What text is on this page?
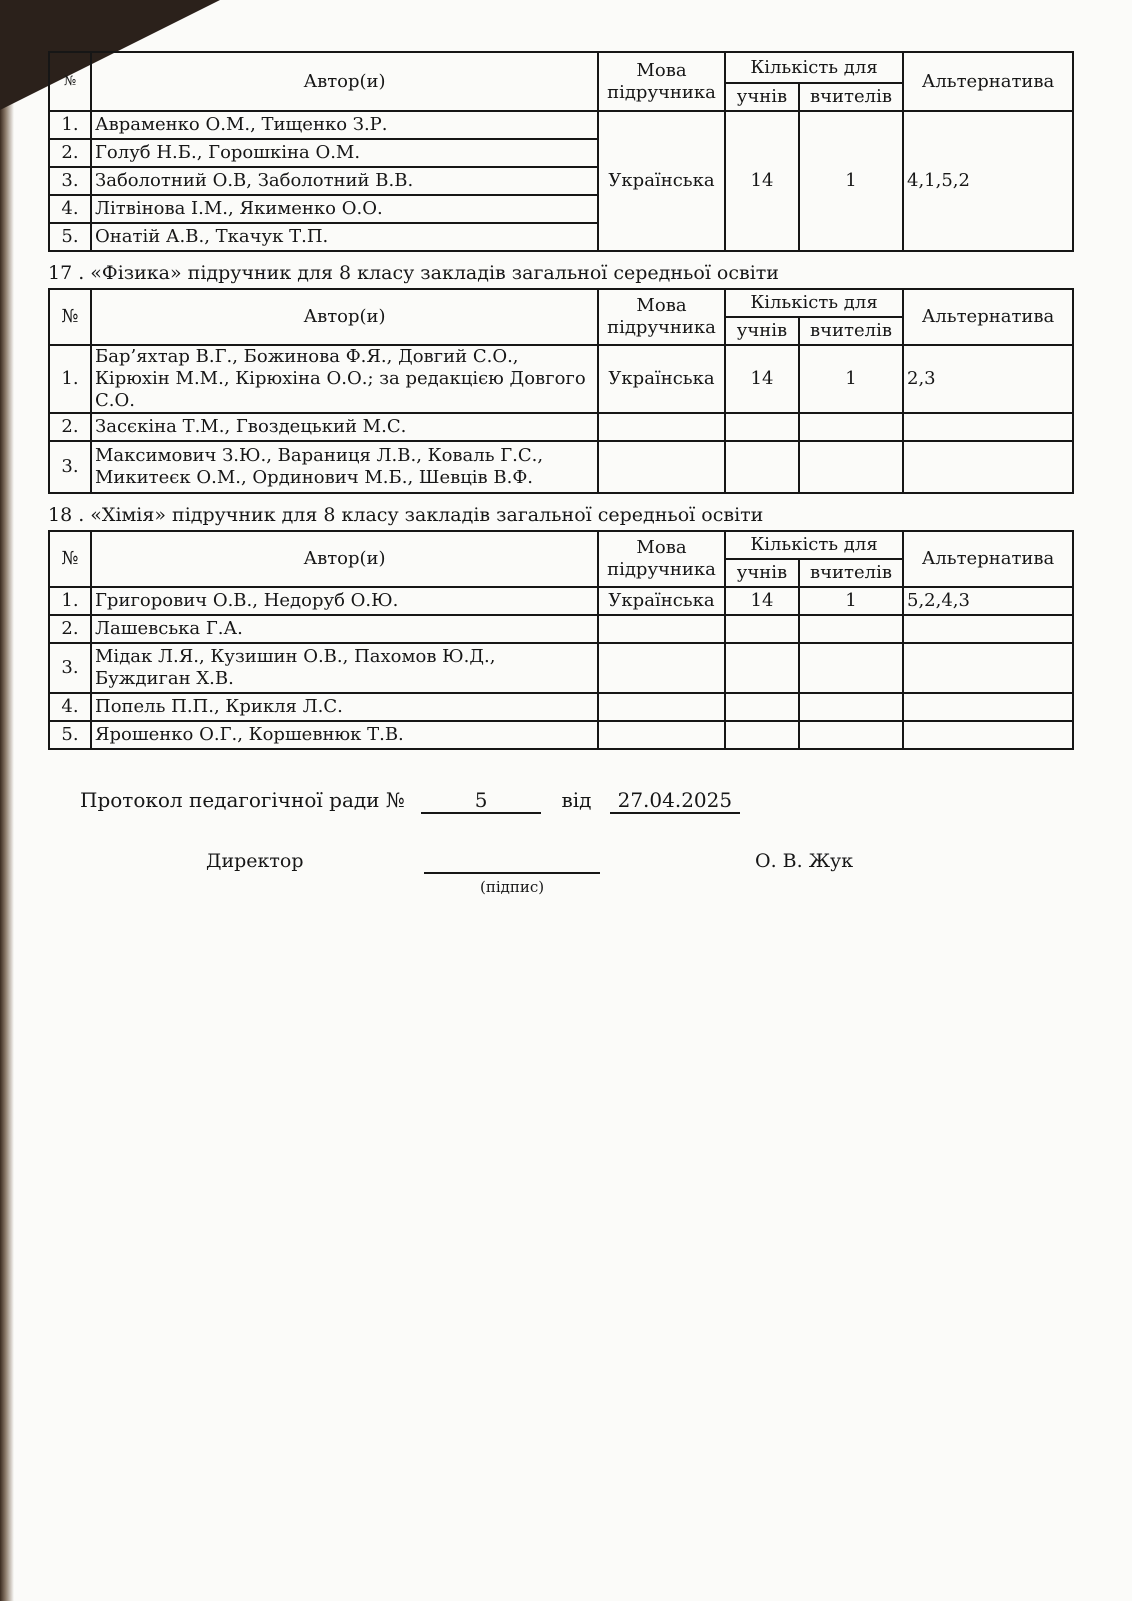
№	Автор(и)	Мова підручника	Кількість для		Альтернатива
			учнів	вчителів	
1.	Авраменко О.М., Тищенко З.Р.	Українська	14	1	4,1,5,2
2.	Голуб Н.Б., Горошкіна О.М.				
3.	Заболотний О.В, Заболотний В.В.				
4.	Літвінова І.М., Якименко О.О.				
5.	Онатій А.В., Ткачук Т.П.				
17 . «Фізика» підручник для 8 класу закладів загальної середньої освіти
№	Автор(и)	Мова підручника	Кількість для		Альтернатива
			учнів	вчителів	
1.	Бар’яхтар В.Г., Божинова Ф.Я., Довгий С.О., Кірюхін М.М., Кірюхіна О.О.; за редакцією Довгого С.О.	Українська	14	1	2,3
2.	Засєкіна Т.М., Гвоздецький М.С.				
3.	Максимович З.Ю., Вараниця Л.В., Коваль Г.С., Микитеєк О.М., Ординович М.Б., Шевців В.Ф.				
18 . «Хімія» підручник для 8 класу закладів загальної середньої освіти
№	Автор(и)	Мова підручника	Кількість для		Альтернатива
			учнів	вчителів	
1.	Григорович О.В., Недоруб О.Ю.	Українська	14	1	5,2,4,3
2.	Лашевська Г.А.				
3.	Мідак Л.Я., Кузишин О.В., Пахомов Ю.Д., Буждиган Х.В.				
4.	Попель П.П., Крикля Л.С.				
5.	Ярошенко О.Г., Коршевнюк Т.В.				
Протокол педагогічної ради №	5	від 27.04.2025
Директор
(підпис)
О. В. Жук
